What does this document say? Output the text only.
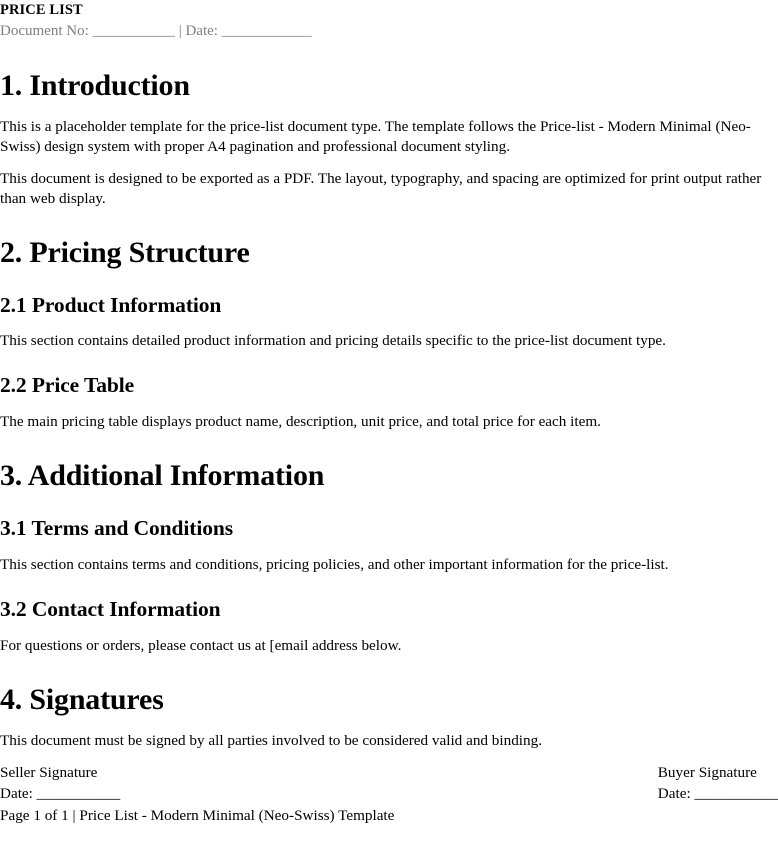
PRICE LIST
Document No: ___________ | Date: ____________
1. Introduction

This is a placeholder template for the price-list document type. The template follows the Price-list - Modern Minimal (Neo-Swiss) design system with proper A4 pagination and professional document styling.

This document is designed to be exported as a PDF. The layout, typography, and spacing are optimized for print output rather than web display.

2. Pricing Structure
2.1 Product Information

This section contains detailed product information and pricing details specific to the price-list document type.

2.2 Price Table

The main pricing table displays product name, description, unit price, and total price for each item.

3. Additional Information
3.1 Terms and Conditions

This section contains terms and conditions, pricing policies, and other important information for the price-list.

3.2 Contact Information

For questions or orders, please contact us at [email address below.

4. Signatures

This document must be signed by all parties involved to be considered valid and binding.

Seller Signature
Date: ___________
Buyer Signature
Date: ___________
Page 1 of 1 | Price List - Modern Minimal (Neo-Swiss) Template
